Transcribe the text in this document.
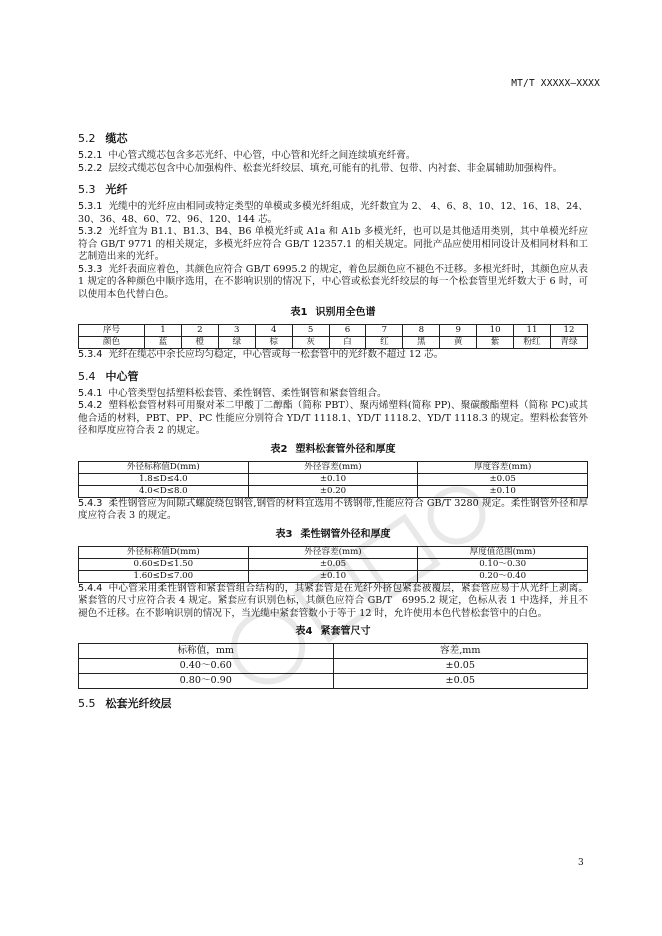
MT/T XXXXX—XXXX
5.2 缆芯

5.2.1 中心管式缆芯包含多芯光纤、中心管，中心管和光纤之间连续填充纤膏。

5.2.2 层绞式缆芯包含中心加强构件、松套光纤绞层、填充,可能有的扎带、包带、内衬套、非金属辅助加强构件。

5.3 光纤

5.3.1 光缆中的光纤应由相同或特定类型的单模或多模光纤组成，光纤数宜为 2、 4、6、8、10、12、16、18、24、30、36、48、60、72、96、120、144 芯。

5.3.2 光纤宜为 B1.1、B1.3、B4、B6 单模光纤或 A1a 和 A1b 多模光纤，也可以是其他适用类别，其中单模光纤应符合 GB/T 9771 的相关规定，多模光纤应符合 GB/T 12357.1 的相关规定。同批产品应使用相同设计及相同材料和工艺制造出来的光纤。

5.3.3 光纤表面应着色，其颜色应符合 GB/T 6995.2 的规定，着色层颜色应不褪色不迁移。多根光纤时，其颜色应从表 1 规定的各种颜色中顺序选用，在不影响识别的情况下，中心管或松套光纤绞层的每一个松套管里光纤数大于 6 时，可以使用本色代替白色。

表1 识别用全色谱
序号	1	2	3	4	5	6	7	8	9	10	11	12
颜色	蓝	橙	绿	棕	灰	白	红	黑	黄	紫	粉红	青绿

5.3.4 光纤在缆芯中余长应均匀稳定，中心管或每一松套管中的光纤数不超过 12 芯。

5.4 中心管

5.4.1 中心管类型包括塑料松套管、柔性钢管、柔性钢管和紧套管组合。

5.4.2 塑料松套管材料可用聚对苯二甲酸丁二醇酯（简称 PBT）、聚丙烯塑料(简称 PP)、聚碳酸酯塑料（简称 PC)或其他合适的材料，PBT、PP、PC 性能应分别符合 YD/T 1118.1、YD/T 1118.2、YD/T 1118.3 的规定。塑料松套管外径和厚度应符合表 2 的规定。

表2 塑料松套管外径和厚度
外径标称值D(mm)	外径容差(mm)	厚度容差(mm)
1.8≤D≤4.0	±0.10	±0.05
4.0<D≤8.0	±0.20	±0.10

5.4.3 柔性钢管应为间隙式螺旋绕包钢管,钢管的材料宜选用不锈钢带,性能应符合 GB/T 3280 规定。柔性钢管外径和厚度应符合表 3 的规定。

表3 柔性钢管外径和厚度
外径标称值D(mm)	外径容差(mm)	厚度值范围(mm)
0.60≤D≤1.50	±0.05	0.10～0.30
1.60≤D≤7.00	±0.10	0.20～0.40

5.4.4 中心管采用柔性钢管和紧套管组合结构的，其紧套管是在光纤外挤包紧套被覆层，紧套管应易于从光纤上剥离。紧套管的尺寸应符合表 4 规定。紧套应有识别色标，其颜色应符合 GB/T　6995.2 规定，色标从表 1 中选择，并且不褪色不迁移。在不影响识别的情况下，当光缆中紧套管数小于等于 12 时，允许使用本色代替松套管中的白色。

表4 紧套管尺寸
标称值，mm	容差,mm
0.40～0.60	±0.05
0.80～0.90	±0.05
5.5 松套光纤绞层
3
